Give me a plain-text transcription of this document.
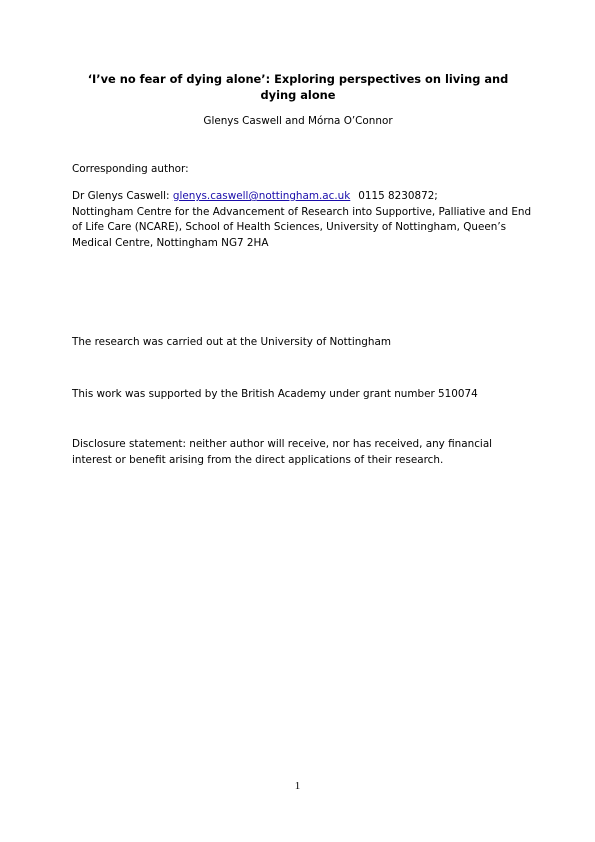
‘I’ve no fear of dying alone’: Exploring perspectives on living and dying alone
Glenys Caswell and Mórna O’Connor

Corresponding author:

Dr Glenys Caswell: glenys.caswell@nottingham.ac.uk 0115 8230872;
Nottingham Centre for the Advancement of Research into Supportive, Palliative and End of Life Care (NCARE), School of Health Sciences, University of Nottingham, Queen’s Medical Centre, Nottingham NG7 2HA

The research was carried out at the University of Nottingham

This work was supported by the British Academy under grant number 510074

Disclosure statement: neither author will receive, nor has received, any financial interest or benefit arising from the direct applications of their research.

1
